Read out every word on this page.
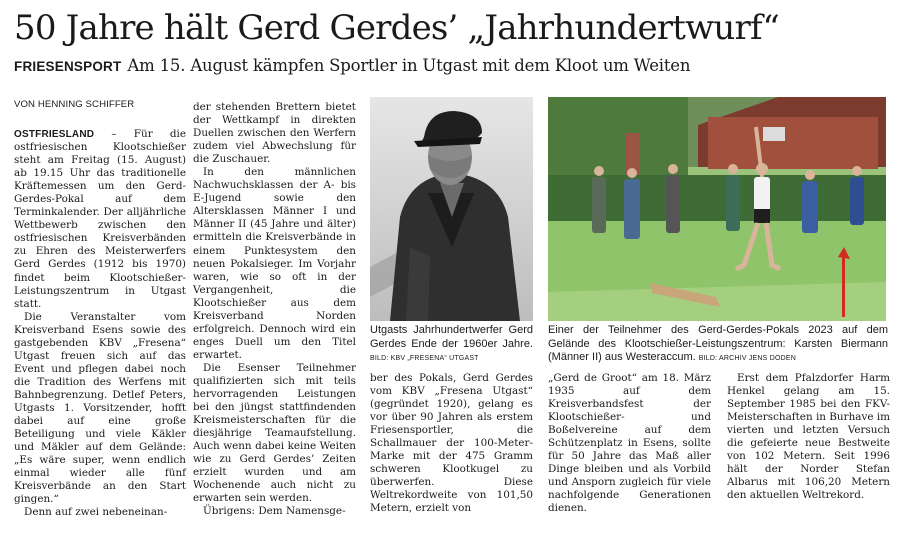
50 Jahre hält Gerd Gerdes’ „Jahrhundertwurf“
FRIESENSPORT Am 15. August kämpfen Sportler in Utgast mit dem Kloot um Weiten
VON HENNING SCHIFFER

OSTFRIESLAND – Für die ostfriesischen Klootschießer steht am Freitag (15. August) ab 19.15 Uhr das traditionelle Kräftemessen um den Gerd-Gerdes-Pokal auf dem Terminkalender. Der alljährliche Wettbewerb zwischen den ostfriesischen Kreisverbänden zu Ehren des Meisterwerfers Gerd Gerdes (1912 bis 1970) findet beim Klootschießer-Leistungszentrum in Utgast statt.

Die Veranstalter vom Kreisverband Esens sowie des gastgebenden KBV „Fresena“ Utgast freuen sich auf das Event und pflegen dabei noch die Tradition des Werfens mit Bahnbegrenzung. Detlef Peters, Utgasts 1. Vorsitzender, hofft dabei auf eine große Beteiligung und viele Käkler und Mäkler auf dem Gelände: „Es wäre super, wenn endlich einmal wieder alle fünf Kreisverbände an den Start gingen.“

Denn auf zwei nebeneinan-

der stehenden Brettern bietet der Wettkampf in direkten Duellen zwischen den Werfern zudem viel Abwechslung für die Zuschauer.

In den männlichen Nachwuchsklassen der A- bis E-Jugend sowie den Altersklassen Männer I und Männer II (45 Jahre und älter) ermitteln die Kreisverbände in einem Punktesystem den neuen Pokalsieger. Im Vorjahr waren, wie so oft in der Vergangenheit, die Klootschießer aus dem Kreisverband Norden erfolgreich. Dennoch wird ein enges Duell um den Titel erwartet.

Die Esenser Teilnehmer qualifizierten sich mit teils hervorragenden Leistungen bei den jüngst stattfindenden Kreismeisterschaften für die diesjährige Teamaufstellung. Auch wenn dabei keine Weiten wie zu Gerd Gerdes’ Zeiten erzielt wurden und am Wochenende auch nicht zu erwarten sein werden.

Übrigens: Dem Namensge-

Utgasts Jahrhundertwerfer Gerd Gerdes Ende der 1960er Jahre. BILD: KBV „FRESENA“ UTGAST
Einer der Teilnehmer des Gerd-Gerdes-Pokals 2023 auf dem Gelände des Klootschießer-Leistungszentrum: Karsten Biermann (Männer II) aus Westeraccum. BILD: ARCHIV JENS DODEN

ber des Pokals, Gerd Gerdes vom KBV „Fresena Utgast“ (gegründet 1920), gelang es vor über 90 Jahren als erstem Friesensportler, die Schallmauer der 100-Meter-Marke mit der 475 Gramm schweren Klootkugel zu überwerfen. Diese Weltrekordweite von 101,50 Metern, erzielt von

„Gerd de Groot“ am 18. März 1935 auf dem Kreisverbandsfest der Klootschießer- und Boßelvereine auf dem Schützenplatz in Esens, sollte für 50 Jahre das Maß aller Dinge bleiben und als Vorbild und Ansporn zugleich für viele nachfolgende Generationen dienen.

Erst dem Pfalzdorfer Harm Henkel gelang am 15. September 1985 bei den FKV-Meisterschaften in Burhave im vierten und letzten Versuch die gefeierte neue Bestweite von 102 Metern. Seit 1996 hält der Norder Stefan Albarus mit 106,20 Metern den aktuellen Weltrekord.
